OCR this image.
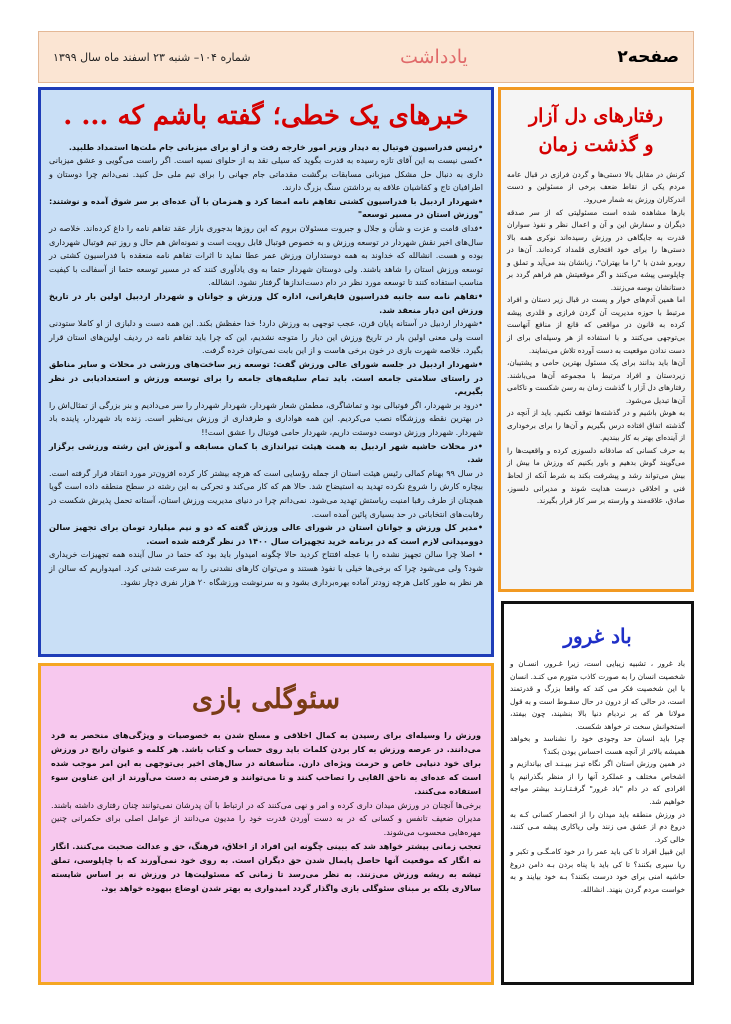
صفحه۲
یادداشت
شماره ۱۰۴– شنبه ۲۳ اسفند ماه سال ۱۳۹۹
خبرهای یک خطی؛ گفته باشم که ... .

•رئیس فدراسیون فوتبال به دیدار وزیر امور خارجه رفت و از او برای میزبانی جام ملت‌ها استمداد طلبید.

•کسی نیست به این آقای تازه رسیده به قدرت بگوید که سیلی نقد به از حلوای نسیه است. اگر راست می‌گویی و عشق میزبانی داری به دنبال حل مشکل میزبانی مسابقات برگشت مقدماتی جام جهانی را برای تیم ملی حل کنید. نمی‌دانم چرا دوستان و اطرافیان تاج و کفاشیان علاقه به برداشتن سنگ بزرگ دارند.

•شهردار اردبیل با فدراسیون کشتی تفاهم نامه امضا کرد و همزمان با آن عده‌ای بر سر شوق آمده و نوشتند: "ورزش استان در مسیر توسعه"

•فدای قامت و عزت و شأن و جلال و جبروت مسئولان بروم که این روزها بدجوری بازار عقد تفاهم نامه را داغ کرده‌اند. خلاصه در سال‌های اخیر نقش شهردار در توسعه ورزش و به خصوص فوتبال قابل رویت است و نمونه‌اش هم حال و روز تیم فوتبال شهرداری بوده و هست. انشالله که خداوند به همه دوستداران ورزش عمر عطا نماید تا اثرات تفاهم نامه منعقده با فدراسیون کشتی در توسعه ورزش استان را شاهد باشند. ولی دوستان شهردار حتما به وی یادآوری کنند که در مسیر توسعه حتما از آسفالت با کیفیت مناسب استفاده کنند تا توسعه مورد نظر در دام دست‌اندازها گرفتار نشود. انشالله.

•تفاهم نامه سه جانبه فدراسیون قایقرانی، اداره کل ورزش و جوانان و شهردار اردبیل اولین بار در تاریخ ورزش این دیار منعقد شد.

•شهردار اردبیل در آستانه پایان قرن، عجب توجهی به ورزش دارد! خدا حفظش بکند. این همه دست و دلبازی از او کاملا ستودنی است ولی معنی اولین بار در تاریخ ورزش این دیار را متوجه نشدیم، این که چرا باید تفاهم نامه در ردیف اولین‌های استان قرار بگیرد. خلاصه شهرت بازی در خون برخی هاست و از این بابت نمی‌توان خرده گرفت.

•شهردار اردبیل در جلسه شورای عالی ورزش گفت: توسعه زیر ساخت‌های ورزشی در محلات و سایر مناطق در راستای سلامتی جامعه است. باید تمام سلیقه‌های جامعه را برای توسعه ورزش و استعدادیابی در نظر بگیریم.

•درود بر شهردار، اگر فوتبالی بود و تماشاگری، مطمئن شعار شهردار، شهردار شهردار را سر می‌دادیم و بنر بزرگی از تمثال‌اش را در بهترین نقطه ورزشگاه نصب می‌کردیم. این همه هواداری و طرفداری از ورزش بی‌نظیر است. زنده باد شهردار، پاینده باد شهردار. شهردار ورزش دوست دوستت داریم، شهردار حامی فوتبال را عشق است!!

•در محلات حاشیه شهر اردبیل به همت هیئت تیراندازی با کمان مسابقه و آموزش این رشته ورزشی برگزار شد.

در سال ۹۹ بهنام کمالی رئیس هیئت استان از جمله رؤسایی است که هرچه بیشتر کار کرده افزون‌تر مورد انتقاد قرار گرفته است. بیچاره کارش را شروع نکرده تهدید به استیضاح شد. حالا هم که کار می‌کند و تحرکی به این رشته در سطح منطقه داده است گویا همچنان از طرف رقبا امنیت ریاستش تهدید می‌شود. نمی‌دانم چرا در دنیای مدیریت ورزش استان، آستانه تحمل پذیرش شکست در رقابت‌های انتخاباتی در حد بسیاری پائین آمده است.

•مدیر کل ورزش و جوانان استان در شورای عالی ورزش گفته که دو و نیم میلیارد تومان برای تجهیز سالن دوومیدانی لازم است که در برنامه خرید تجهیزات سال ۱۴۰۰ در نظر گرفته شده است.

• اصلا چرا سالن تجهیز نشده را با عجله افتتاح کردید حالا چگونه امیدوار باید بود که حتما در سال آینده همه تجهیزات خریداری شود؟ ولی می‌شود چرا که برخی‌ها خیلی با نفوذ هستند و می‌توان کارهای نشدنی را به سرعت شدنی کرد. امیدواریم که سالن از هر نظر به طور کامل هرچه زودتر آماده بهره‌برداری بشود و به سرنوشت ورزشگاه ۲۰ هزار نفری دچار نشود.

رفتارهای دل آزار
و گذشت زمان

کرنش در مقابل بالا دستی‌ها و گردن فرازی در قبال عامه مردم یکی از نقاط ضعف برخی از مسئولین و دست اندرکاران ورزش به شمار می‌رود.

بارها مشاهده شده است مسئولیتی که از سر صدقه دیگران و سفارش این و آن و اعمال نظر و نفوذ سواران قدرت به جایگاهی در ورزش رسیده‌اند نوکری همه بالا دستی‌ها را برای خود افتخاری قلمداد کرده‌اند. آن‌ها در روبرو شدن با "را ما بهتران"، زبانشان بند می‌آید و تملق و چاپلوسی پیشه می‌کنند و اگر موقعیتش هم فراهم گردد بر دستانشان بوسه می‌زنند.

اما همین آدم‌های خوار و پست در قبال زیر دستان و افراد مرتبط با حوزه مدیریت آن گردن فرازی و قلدری پیشه کرده به قانون در مواقعی که قانع از منافع آنهاست بی‌توجهی می‌کنند و با استفاده از هر وسیله‌ای برای از دست ندادن موقعیت به دست آورده تلاش می‌نمایند.

آن‌ها باید بدانند برای یک مسئول بهترین حامی و پشتیبان، زیردستان و افراد مرتبط با مجموعه آن‌ها می‌باشند. رفتارهای دل آزار با گذشت زمان به رسن شکست و ناکامی آن‌ها تبدیل می‌شود.

به هوش باشیم و در گذشته‌ها توقف نکنیم. باید از آنچه در گذشته اتفاق افتاده درس بگیریم و آن‌ها را برای برخوداری از آینده‌ای بهتر به کار ببندیم.

به حرف کسانی که صادقانه دلسوزی کرده و واقعیت‌ها را می‌گویند گوش بدهیم و باور بکنیم که ورزش ما بیش از بیش می‌تواند رشد و پیشرفت بکند به شرط آنکه از لحاظ فنی و اخلاقی درست هدایت شوند و مدیرانی دلسوز، صادق، علاقه‌مند و وارسته بر سر کار قرار بگیرند.

باد غرور

باد غرور ، تشبیه زیبایی است، زیرا غـرور، انسـان و شخصیت انسان را به صورت کاذب متورم می کنـد. انسان با این شخصیت فکر می کند که واقعا بزرگ و قدرتمند است، در حالی که از درون در حال سقـوط است و به قول مولانا هر که بر نردبام دنیا بالا بنشیند، چون بیفتد، استخوانش سخت تر خواهد شکست.

چرا باید انسان حد وجودی خود را نشناسد و بخواهد همیشه بالاتر از آنچه هست احساس بودن بکند؟

در همین ورزش استان اگر نگاه تیـز ببیـنـد ای بیاندازیم و اشخاص مختلف و عملکرد آنها را از منظر بگذرانیم یا افرادی که در دام "باد غرور" گرفـتـارنـد بیشتر مواجه خواهیم شد.

در ورزش منطقه باید میدان را از انحصار کسانی کـه به دروغ دم از عشق می زنند ولی ریاکاری پیشه مـی کنند، خالی کرد.

این قبیل افراد تا کی باید عمر را در خود کامـگـی و تکبر و ریا سپری بکنند؟ تا کی باید با پناه بردن بـه دامن دروغ حاشیه امنی برای خود درست بکنند؟ بـه خود بیایند و به خواست مردم گردن بنهند. انشالله.

سئوگلی بازی

ورزش را وسیله‌ای برای رسیدن به کمال اخلاقی و مسلح شدن به خصوصیات و ویژگی‌های منحصر به فرد می‌دانند. در عرصه ورزش به کار بردن کلمات باید روی حساب و کتاب باشد. هر کلمه و عنوان رایج در ورزش برای خود دنیایی خاص و حرمت ویژه‌ای دارن. متأسفانه در سال‌های اخیر بی‌توجهی به این امر موجب شده است که عده‌ای به ناحق القابی را تصاحب کنند و تا می‌توانند و فرصتی به دست می‌آورند از این عناوین سوء استفاده می‌کنند.

برخی‌ها آنچنان در ورزش میدان داری کرده و امر و نهی می‌کنند که در ارتباط با آن پدرشان نمی‌توانند چنان رفتاری داشته باشند. مدیران ضعیف تانفس و کسانی که در به دست آوردن قدرت خود را مدیون می‌دانند از عوامل اصلی برای حکمرانی چنین مهره‌هایی محسوب می‌شوند.

تعجب زمانی بیشتر خواهد شد که ببینی چگونه این افراد از اخلاق، فرهنگ، حق و عدالت صحبت می‌کنند. انگار نه انگار که موقعیت آنها حاصل پایمال شدن حق دیگران است. به روی خود نمی‌آورند که با چاپلوسی، تملق تیشه به ریشه ورزش می‌زنند. به نظر می‌رسد تا زمانی که مسئولیت‌ها در ورزش نه بر اساس شایسته سالاری بلکه بر مبنای سئوگلی بازی واگذار گردد امیدواری به بهتر شدن اوضاع بیهوده خواهد بود.
